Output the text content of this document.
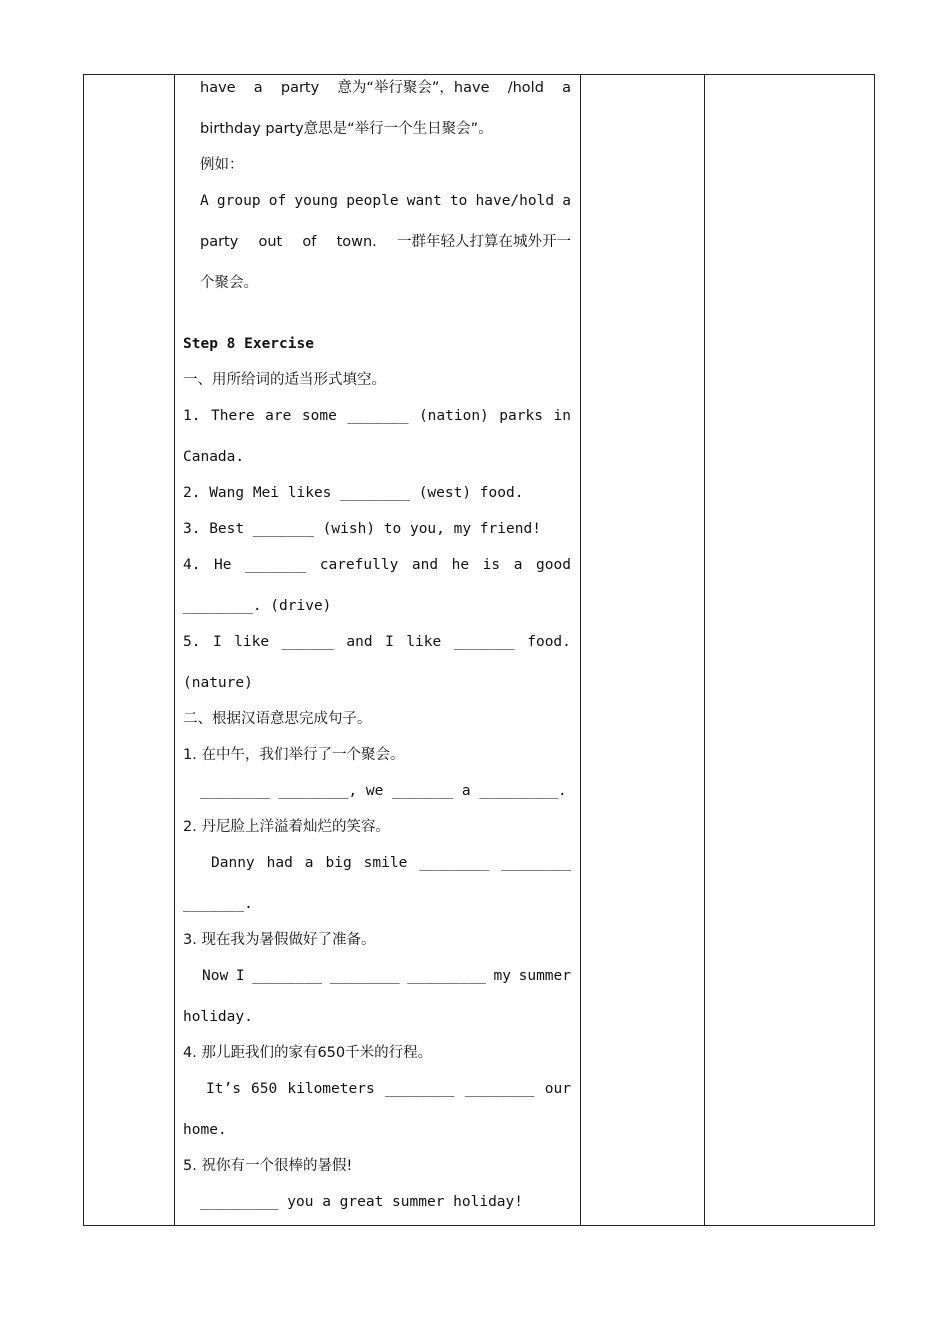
have a party 意为“举行聚会”，have /hold a
birthday party意思是“举行一个生日聚会”。
例如：
A group of young people want to have/hold a
party out of town. 一群年轻人打算在城外开一
个聚会。
Step 8 Exercise
一、用所给词的适当形式填空。
1. There are some _______ (nation) parks in
Canada.
2. Wang Mei likes ________ (west) food.
3. Best _______ (wish) to you, my friend!
4. He _______ carefully and he is a good
________. (drive)
5. I like ______ and I like _______ food.
(nature)
二、根据汉语意思完成句子。
1. 在中午，我们举行了一个聚会。
________ ________, we _______ a _________.
2. 丹尼脸上洋溢着灿烂的笑容。
Danny had a big smile ________ ________
_______.
3. 现在我为暑假做好了准备。
Now I ________ ________ _________ my summer
holiday.
4. 那儿距我们的家有650千米的行程。
It’s 650 kilometers ________ ________ our
home.
5. 祝你有一个很棒的暑假!
_________ you a great summer holiday!
